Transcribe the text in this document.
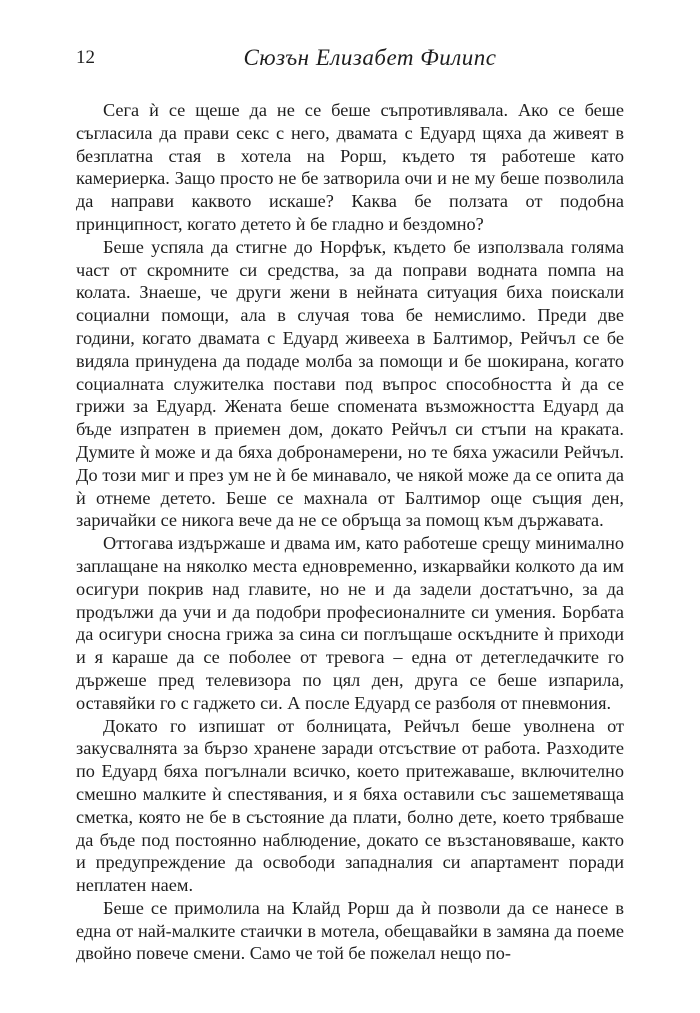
12	Сюзън Елизабет Филипс

Сега ѝ се щеше да не се беше съпротивлявала. Ако се беше съгласила да прави секс с него, двамата с Едуард щяха да живеят в безплатна стая в хотела на Рорш, където тя работеше като камериерка. Защо просто не бе затворила очи и не му беше позволила да направи каквото искаше? Каква бе ползата от подобна принципност, когато детето ѝ бе гладно и бездомно?

Беше успяла да стигне до Норфък, където бе използвала голяма част от скромните си средства, за да поправи водната помпа на колата. Знаеше, че други жени в нейната ситуация биха поискали социални помощи, ала в случая това бе немислимо. Преди две години, когато двамата с Едуард живееха в Балтимор, Рейчъл се бе видяла принудена да подаде молба за помощи и бе шокирана, когато социалната служителка постави под въпрос способността ѝ да се грижи за Едуард. Жената беше спомената възможността Едуард да бъде изпратен в приемен дом, докато Рейчъл си стъпи на краката. Думите ѝ може и да бяха добронамерени, но те бяха ужасили Рейчъл. До този миг и през ум не ѝ бе минавало, че някой може да се опита да ѝ отнеме детето. Беше се махнала от Балтимор още същия ден, заричайки се никога вече да не се обръща за помощ към държавата.

Оттогава издържаше и двама им, като работеше срещу минимално заплащане на няколко места едновременно, изкарвайки колкото да им осигури покрив над главите, но не и да задели достатъчно, за да продължи да учи и да подобри професионалните си умения. Борбата да осигури сносна грижа за сина си поглъщаше оскъдните ѝ приходи и я караше да се поболее от тревога – една от детегледачките го държеше пред телевизора по цял ден, друга се беше изпарила, оставяйки го с гаджето си. А после Едуард се разболя от пневмония.

Докато го изпишат от болницата, Рейчъл беше уволнена от закусвалнята за бързо хранене заради отсъствие от работа. Разходите по Едуард бяха погълнали всичко, което притежаваше, включително смешно малките ѝ спестявания, и я бяха оставили със зашеметяваща сметка, която не бе в състояние да плати, болно дете, което трябваше да бъде под постоянно наблюдение, докато се възстановяваше, както и предупреждение да освободи западналия си апартамент поради неплатен наем.

Беше се примолила на Клайд Рорш да ѝ позволи да се нанесе в една от най-малките стаички в мотела, обещавайки в замяна да поеме двойно повече смени. Само че той бе пожелал нещо по-
